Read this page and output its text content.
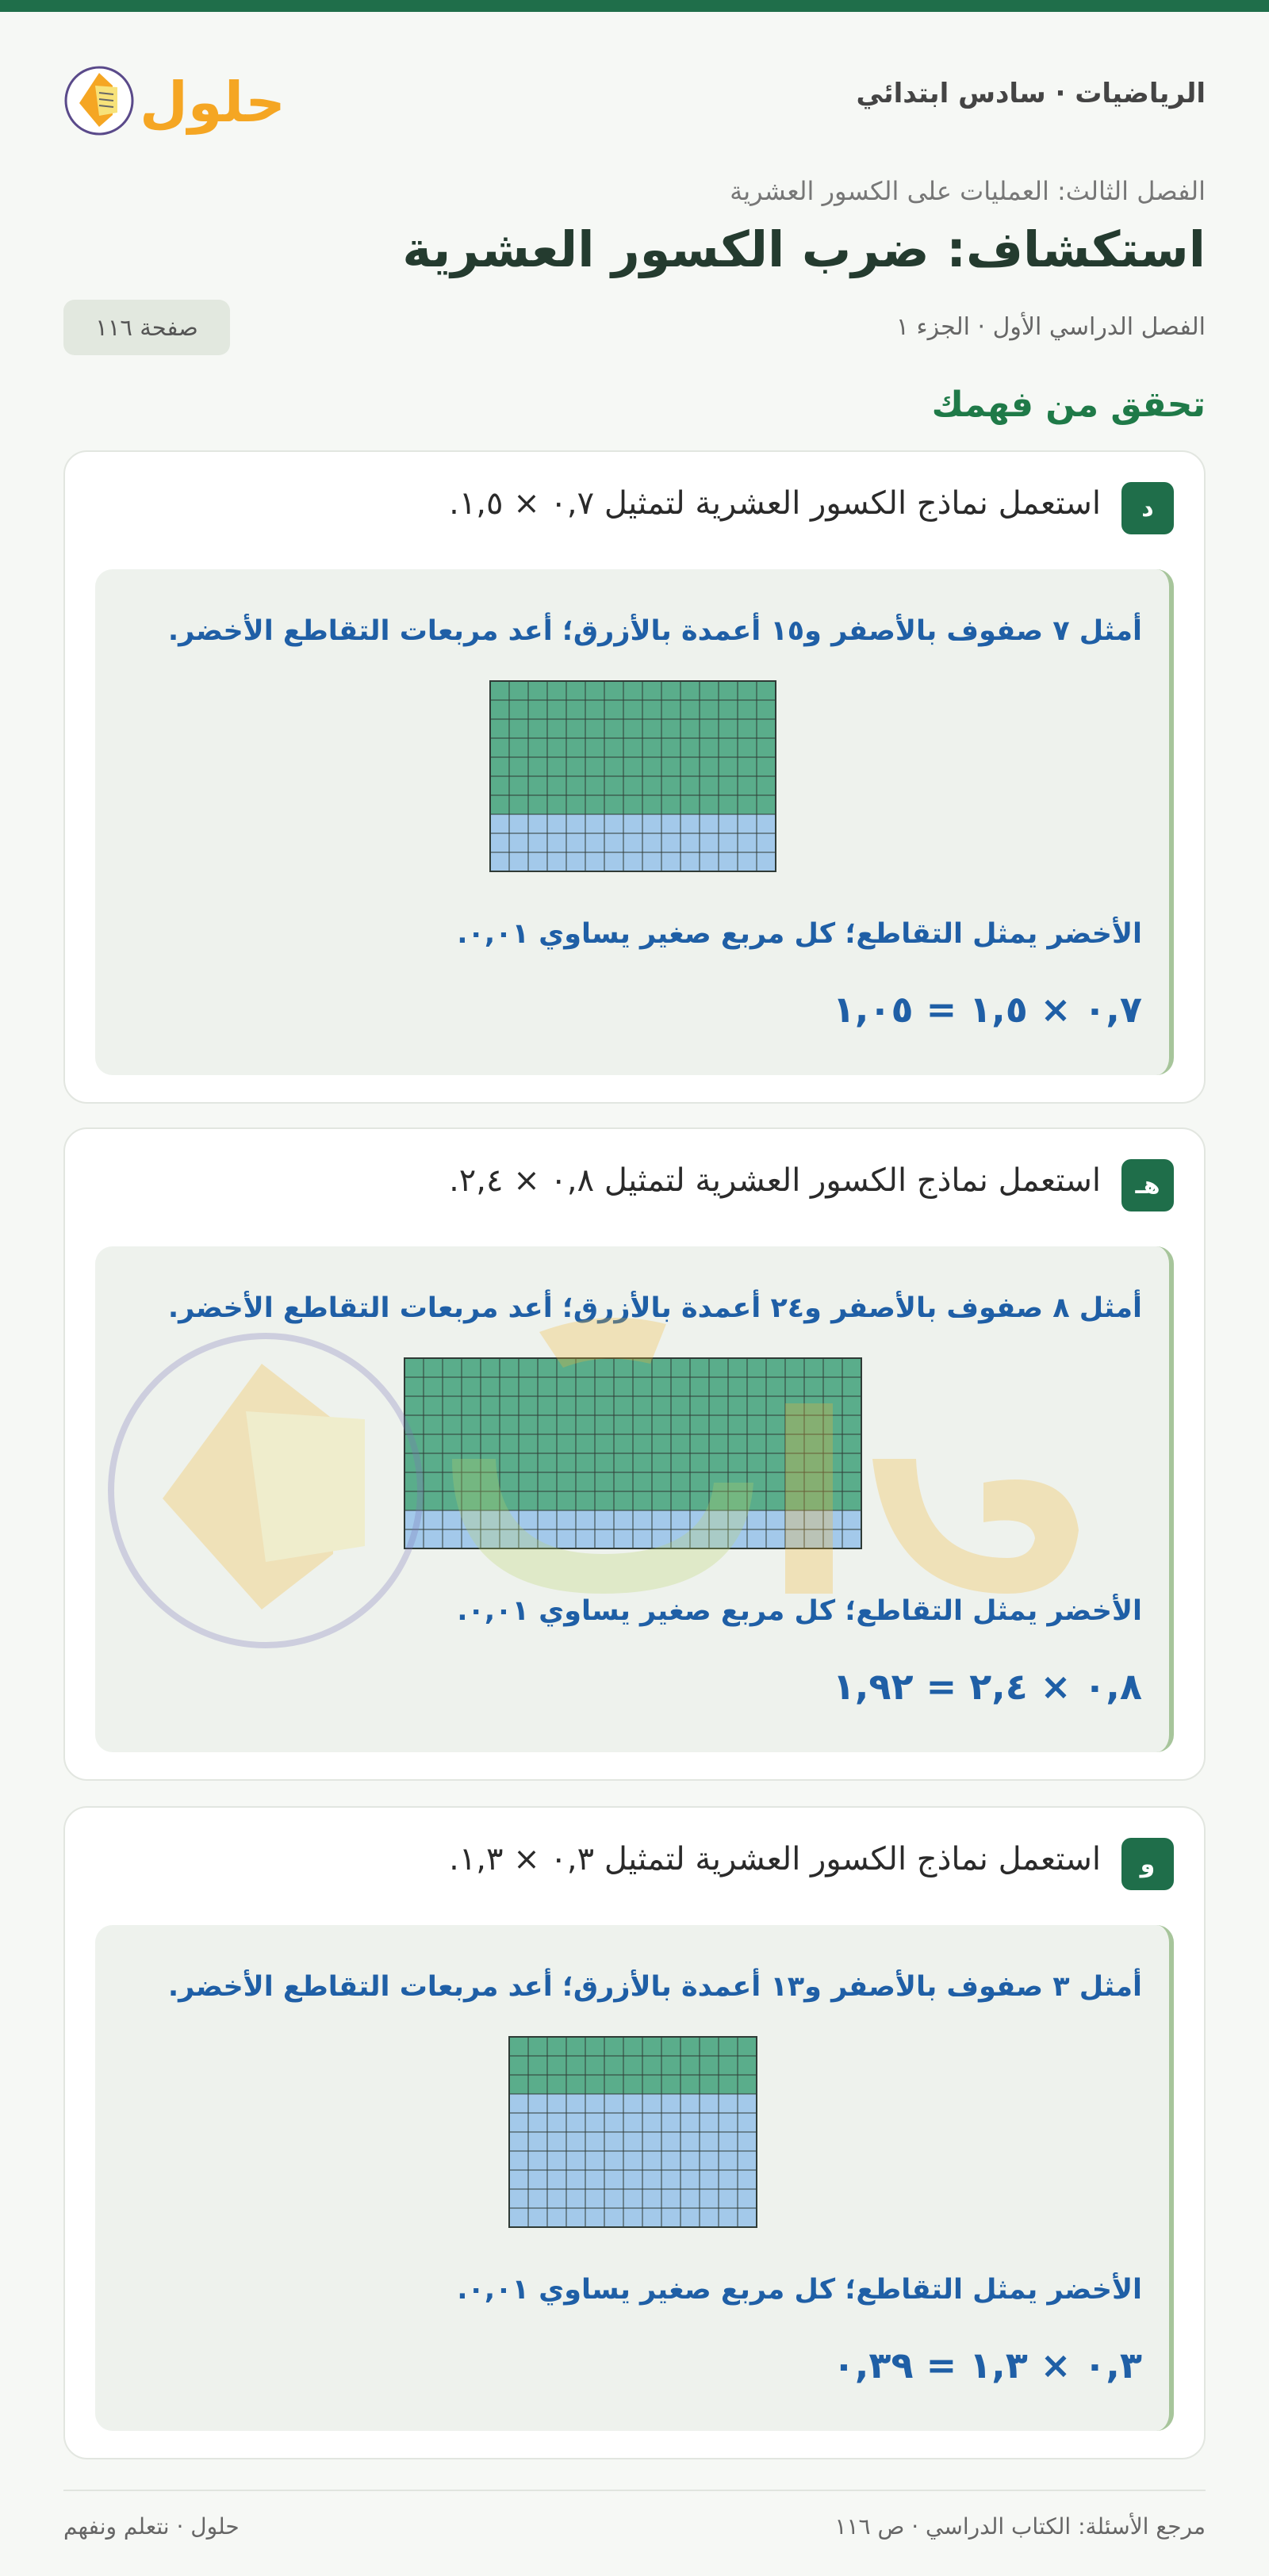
الرياضيات · سادس ابتدائي
حلول
الفصل الثالث: العمليات على الكسور العشرية
استكشاف: ضرب الكسور العشرية
الفصل الدراسي الأول · الجزء ١
صفحة ١١٦
تحقق من فهمك
د
استعمل نماذج الكسور العشرية لتمثيل ٠,٧ × ١,٥.
أمثل ٧ صفوف بالأصفر و١٥ أعمدة بالأزرق؛ أعد مربعات التقاطع الأخضر.
الأخضر يمثل التقاطع؛ كل مربع صغير يساوي ٠,٠١.
٠,٧ × ١,٥ = ١,٠٥
هـ
استعمل نماذج الكسور العشرية لتمثيل ٠,٨ × ٢,٤.
أمثل ٨ صفوف بالأصفر و٢٤ أعمدة بالأزرق؛ أعد مربعات التقاطع الأخضر.
الأخضر يمثل التقاطع؛ كل مربع صغير يساوي ٠,٠١.
٠,٨ × ٢,٤ = ١,٩٢
و
استعمل نماذج الكسور العشرية لتمثيل ٠,٣ × ١,٣.
أمثل ٣ صفوف بالأصفر و١٣ أعمدة بالأزرق؛ أعد مربعات التقاطع الأخضر.
الأخضر يمثل التقاطع؛ كل مربع صغير يساوي ٠,٠١.
٠,٣ × ١,٣ = ٠,٣٩
مرجع الأسئلة: الكتاب الدراسي · ص ١١٦
حلول · نتعلم ونفهم
